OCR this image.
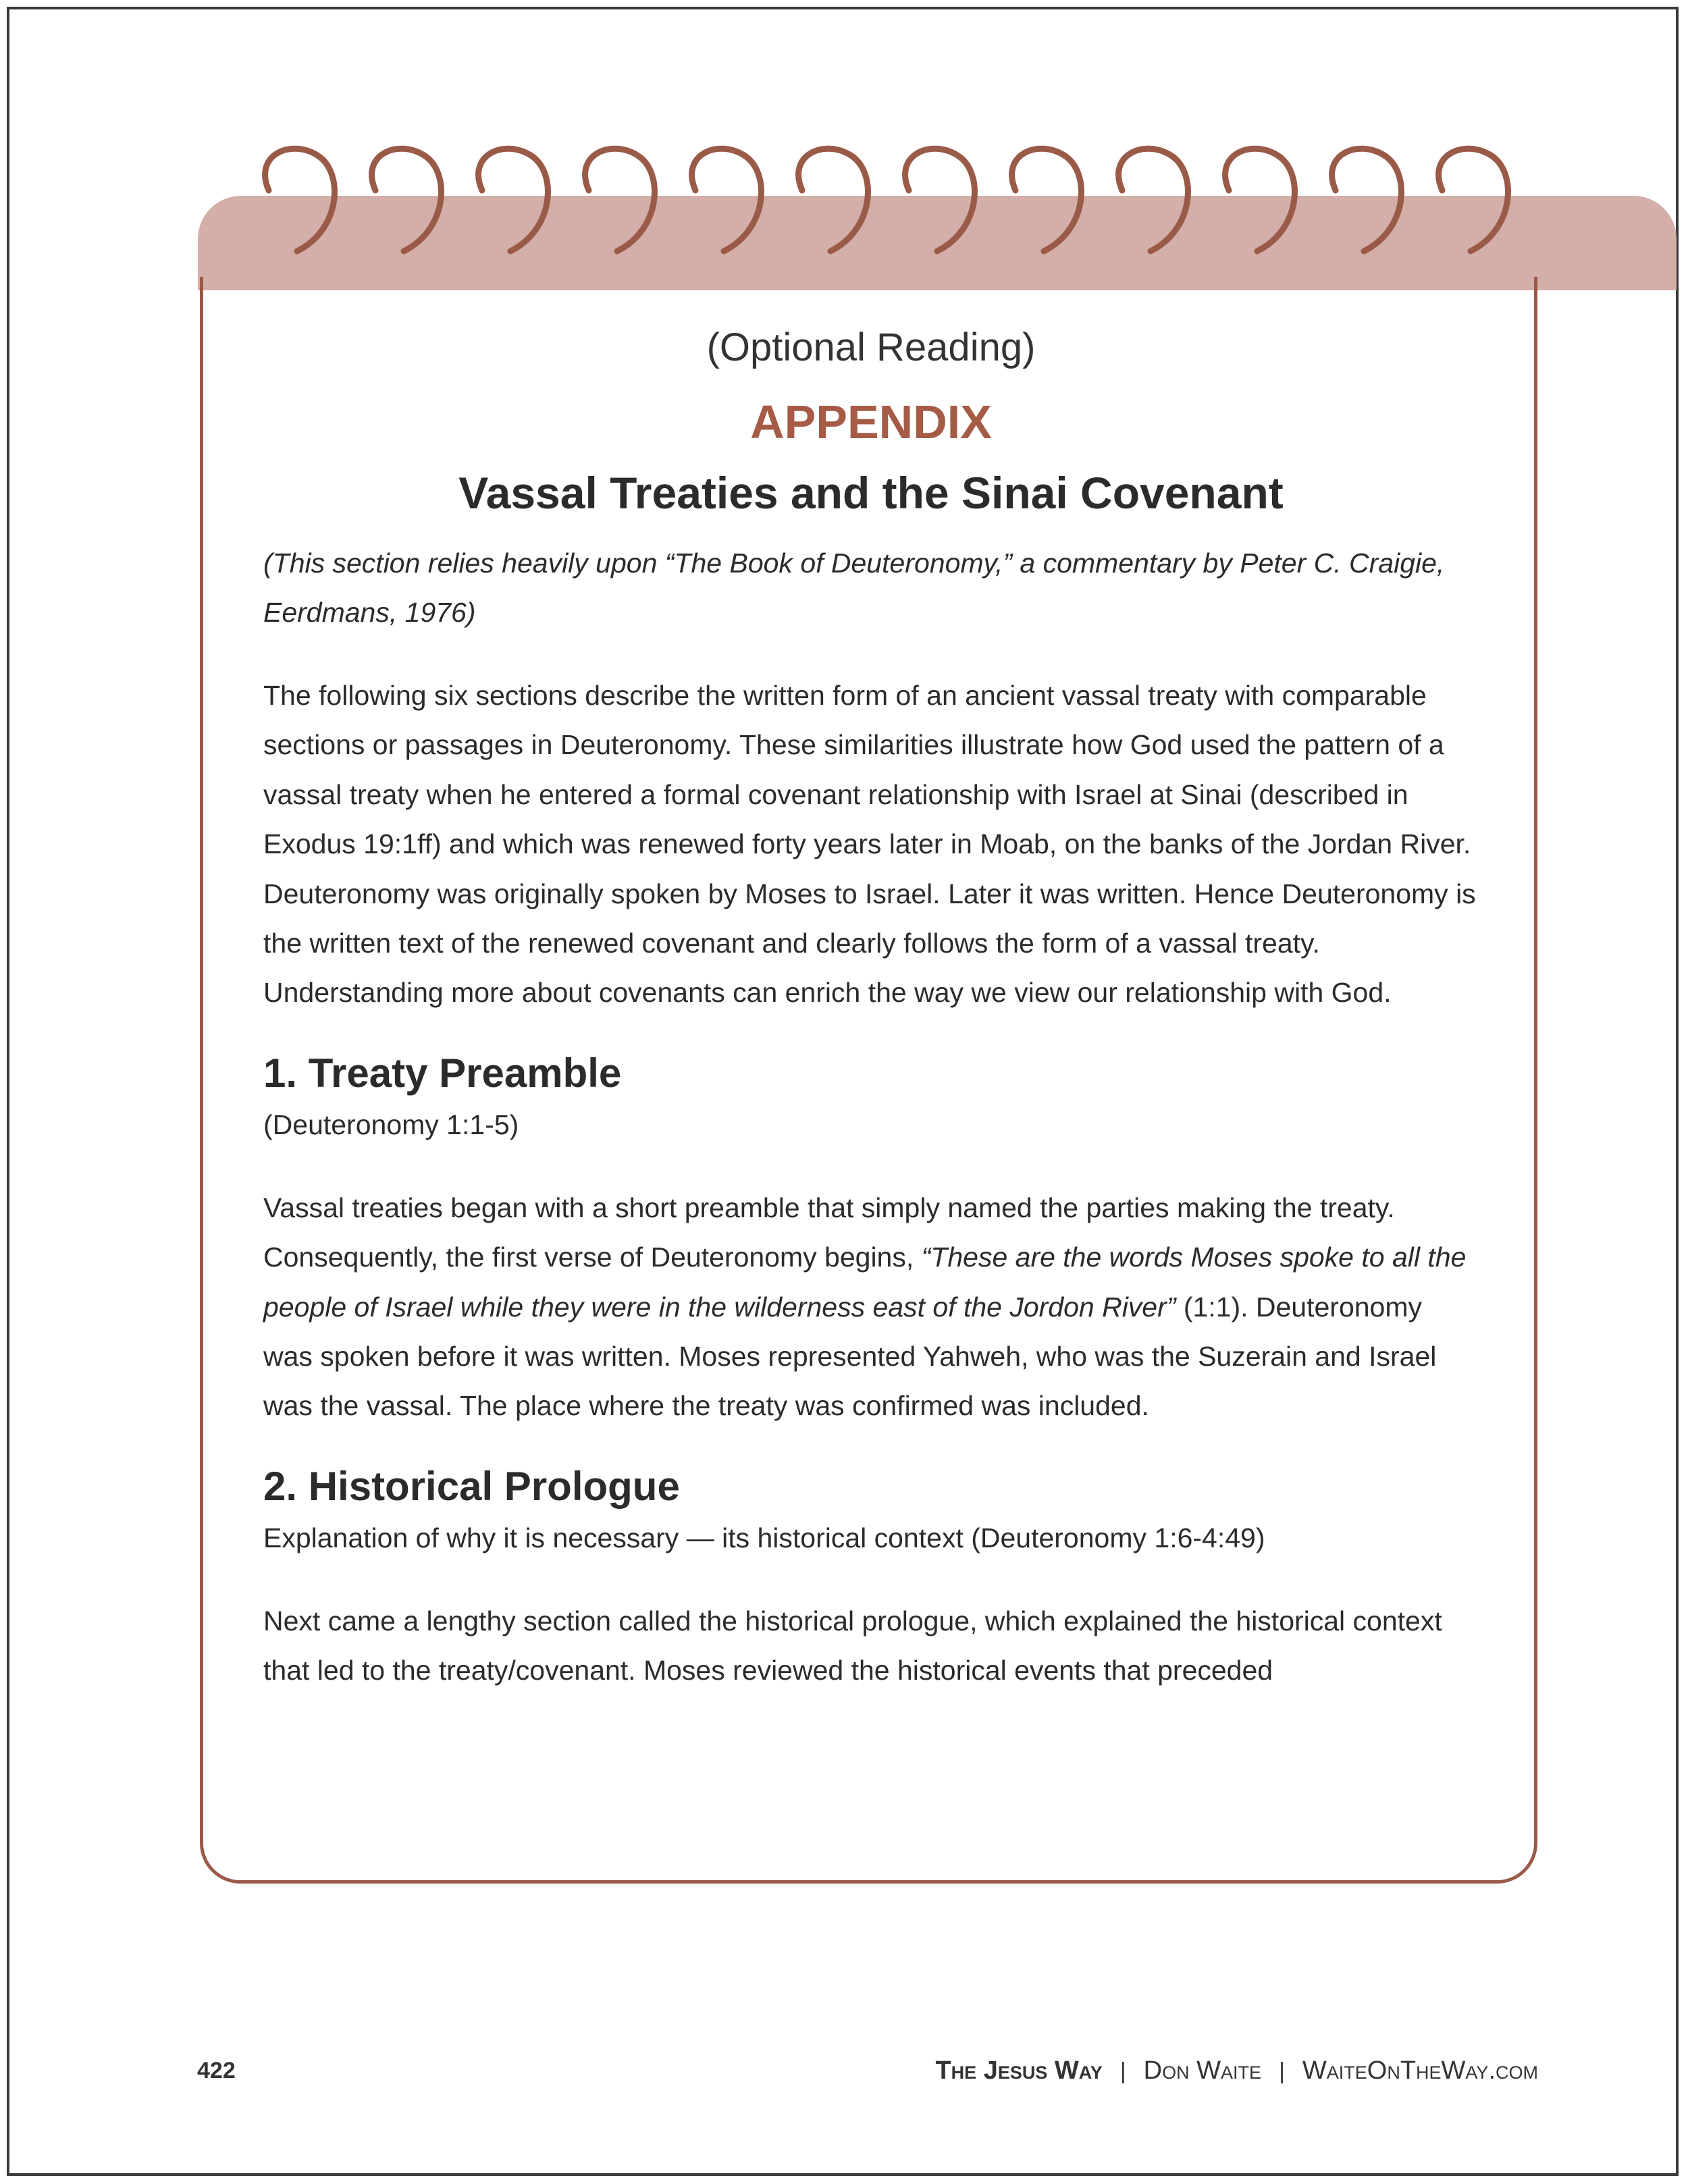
(Optional Reading)

APPENDIX

Vassal Treaties and the Sinai Covenant

(This section relies heavily upon “The Book of Deuteronomy,” a commentary by Peter C. Craigie, Eerdmans, 1976)

The following six sections describe the written form of an ancient vassal treaty with comparable sections or passages in Deuteronomy. These similarities illustrate how God used the pattern of a vassal treaty when he entered a formal covenant relationship with Israel at Sinai (described in Exodus 19:1ff) and which was renewed forty years later in Moab, on the banks of the Jordan River. Deuteronomy was originally spoken by Moses to Israel. Later it was written. Hence Deuteronomy is the written text of the renewed covenant and clearly follows the form of a vassal treaty. Understanding more about covenants can enrich the way we view our relationship with God.

1. Treaty Preamble

(Deuteronomy 1:1-5)

Vassal treaties began with a short preamble that simply named the parties making the treaty. Consequently, the first verse of Deuteronomy begins, “These are the words Moses spoke to all the people of Israel while they were in the wilderness east of the Jordon River” (1:1). Deuteronomy was spoken before it was written. Moses represented Yahweh, who was the Suzerain and Israel was the vassal. The place where the treaty was confirmed was included.

2. Historical Prologue

Explanation of why it is necessary — its historical context (Deuteronomy 1:6-4:49)

Next came a lengthy section called the historical prologue, which explained the historical context that led to the treaty/covenant. Moses reviewed the historical events that preceded

422	The Jesus Way | Don Waite | WaiteOnTheWay.com
